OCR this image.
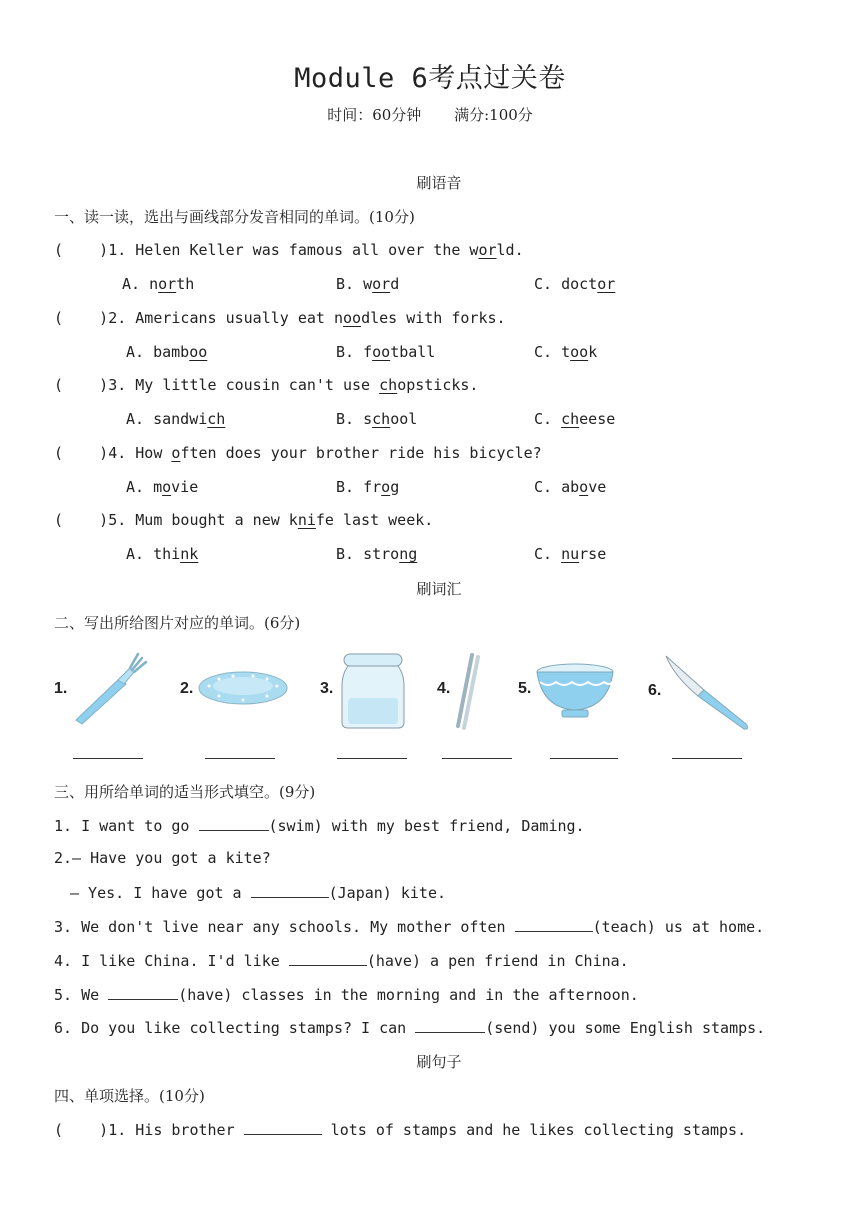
Module 6考点过关卷
时间：60分钟 满分:100分
刷语音
一、读一读，选出与画线部分发音相同的单词。(10分)
(    )1. Helen Keller was famous all over the world.
A. north	B. word	C. doctor
(    )2. Americans usually eat noodles with forks.
A. bamboo	B. football	C. took
(    )3. My little cousin can't use chopsticks.
A. sandwich	B. school	C. cheese
(    )4. How often does your brother ride his bicycle?
A. movie	B. frog	C. above
(    )5. Mum bought a new knife last week.
A. think	B. strong	C. nurse
刷词汇
二、写出所给图片对应的单词。(6分)
1.	2.	3.	4.	5.	6.
三、用所给单词的适当形式填空。(9分)
1. I want to go	(swim) with my best friend, Daming.
2.— Have you got a kite?
— Yes. I have got a	(Japan) kite.
3. We don't live near any schools. My mother often	(teach) us at home.
4. I like China. I'd like	(have) a pen friend in China.
5. We	(have) classes in the morning and in the afternoon.
6. Do you like collecting stamps? I can	(send) you some English stamps.
刷句子
四、单项选择。(10分)
(    )1. His brother	lots of stamps and he likes collecting stamps.
